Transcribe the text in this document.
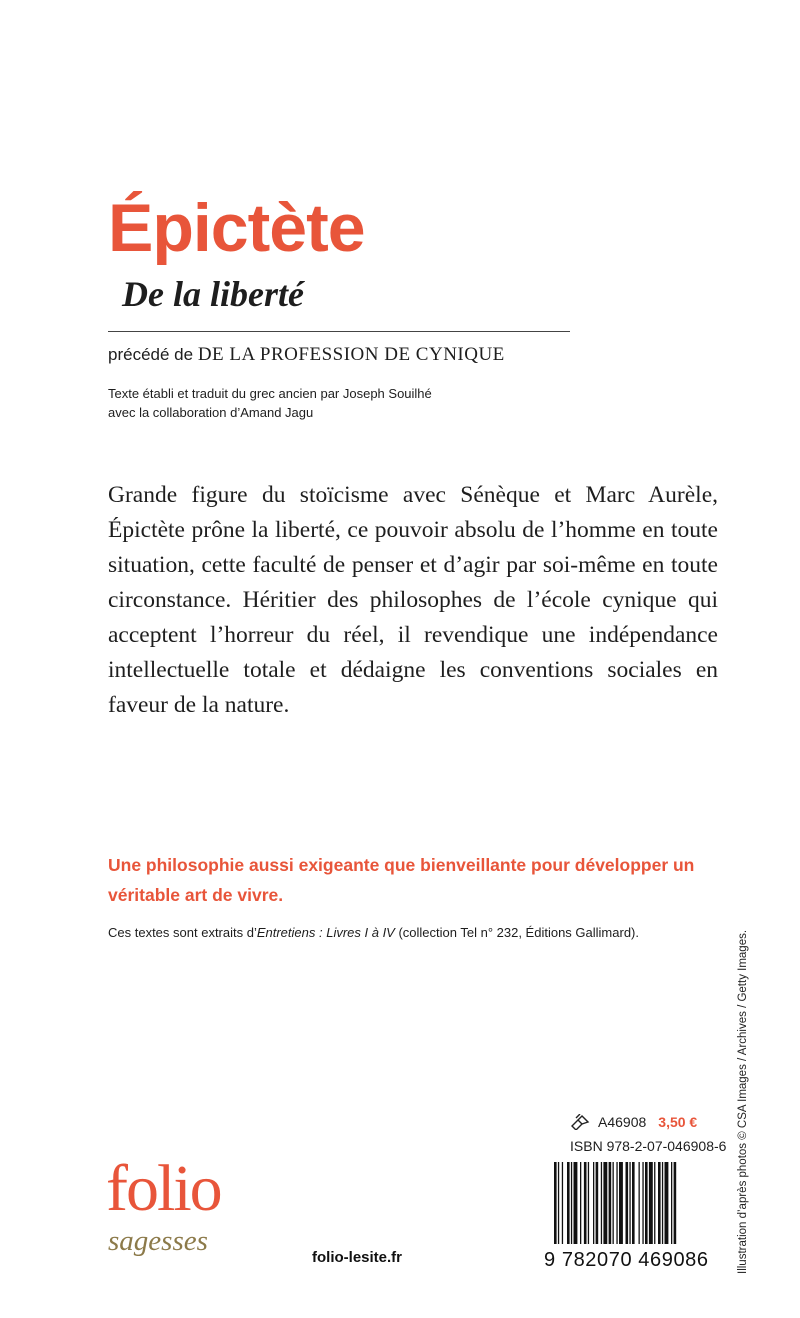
Épictète
De la liberté
précédé de DE LA PROFESSION DE CYNIQUE
Texte établi et traduit du grec ancien par Joseph Souilhé
avec la collaboration d’Amand Jagu
Grande figure du stoïcisme avec Sénèque et Marc Aurèle, Épictète prône la liberté, ce pouvoir absolu de l’homme en toute situation, cette faculté de penser et d’agir par soi-même en toute circonstance. Héritier des philosophes de l’école cynique qui acceptent l’horreur du réel, il revendique une indépendance intellectuelle totale et dédaigne les conventions sociales en faveur de la nature.
Une philosophie aussi exigeante que bienveillante pour développer un véritable art de vivre.
Ces textes sont extraits d’Entretiens : Livres I à IV (collection Tel n° 232, Éditions Gallimard).	Illustration d’après photos © CSA Images / Archives / Getty Images.
A46908 3,50 €
ISBN 978-2-07-046908-6
9 782070 469086
folio
sagesses
folio-lesite.fr
